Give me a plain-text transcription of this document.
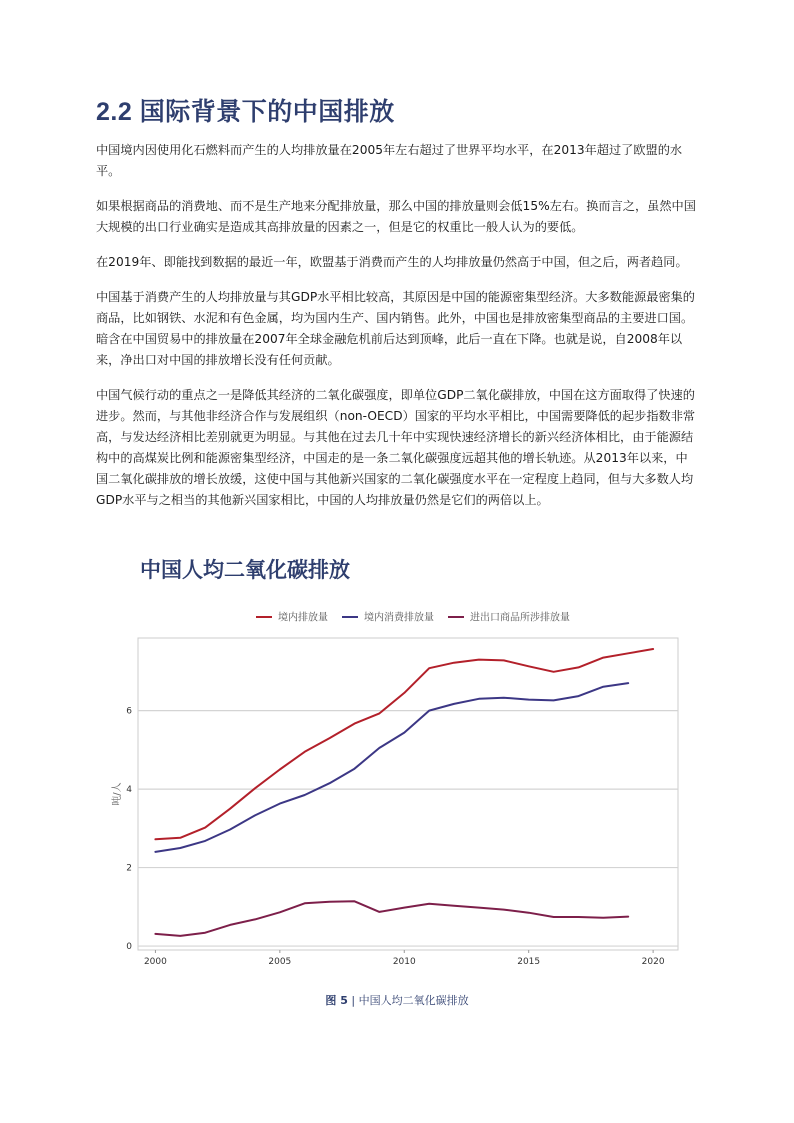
2.2 国际背景下的中国排放

中国境内因使用化石燃料而产生的人均排放量在2005年左右超过了世界平均水平，在2013年超过了欧盟的水平。

如果根据商品的消费地、而不是生产地来分配排放量，那么中国的排放量则会低15%左右。换而言之，虽然中国大规模的出口行业确实是造成其高排放量的因素之一，但是它的权重比一般人认为的要低。

在2019年、即能找到数据的最近一年，欧盟基于消费而产生的人均排放量仍然高于中国，但之后，两者趋同。

中国基于消费产生的人均排放量与其GDP水平相比较高，其原因是中国的能源密集型经济。大多数能源最密集的商品，比如钢铁、水泥和有色金属，均为国内生产、国内销售。此外，中国也是排放密集型商品的主要进口国。暗含在中国贸易中的排放量在2007年全球金融危机前后达到顶峰，此后一直在下降。也就是说，自2008年以来，净出口对中国的排放增长没有任何贡献。

中国气候行动的重点之一是降低其经济的二氧化碳强度，即单位GDP二氧化碳排放，中国在这方面取得了快速的进步。然而，与其他非经济合作与发展组织（non-OECD）国家的平均水平相比，中国需要降低的起步指数非常高，与发达经济相比差别就更为明显。与其他在过去几十年中实现快速经济增长的新兴经济体相比，由于能源结构中的高煤炭比例和能源密集型经济，中国走的是一条二氧化碳强度远超其他的增长轨迹。从2013年以来，中国二氧化碳排放的增长放缓，这使中国与其他新兴国家的二氧化碳强度水平在一定程度上趋同，但与大多数人均GDP水平与之相当的其他新兴国家相比，中国的人均排放量仍然是它们的两倍以上。

中国人均二氧化碳排放
0
2
4
6
2000	2005	2010	2015	2020
吨/人
境内排放量	境内消费排放量	进出口商品所涉排放量
图 5 | 中国人均二氧化碳排放
